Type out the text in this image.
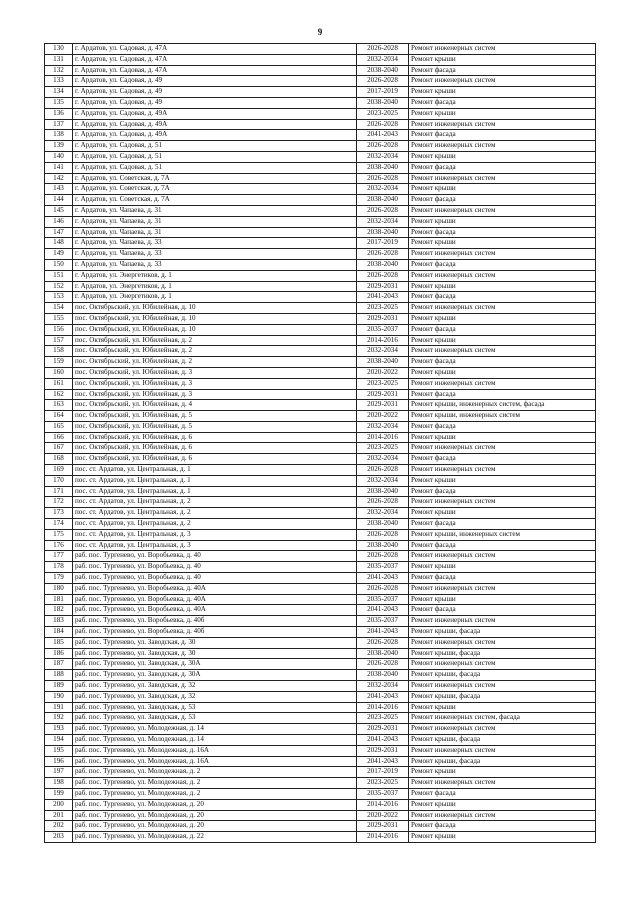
9
130	г. Ардатов, ул. Садовая, д. 47А	2026-2028	Ремонт инженерных систем
131	г. Ардатов, ул. Садовая, д. 47А	2032-2034	Ремонт крыши
132	г. Ардатов, ул. Садовая, д. 47А	2038-2040	Ремонт фасада
133	г. Ардатов, ул. Садовая, д. 49	2026-2028	Ремонт инженерных систем
134	г. Ардатов, ул. Садовая, д. 49	2017-2019	Ремонт крыши
135	г. Ардатов, ул. Садовая, д. 49	2038-2040	Ремонт фасада
136	г. Ардатов, ул. Садовая, д. 49А	2023-2025	Ремонт крыши
137	г. Ардатов, ул. Садовая, д. 49А	2026-2028	Ремонт инженерных систем
138	г. Ардатов, ул. Садовая, д. 49А	2041-2043	Ремонт фасада
139	г. Ардатов, ул. Садовая, д. 51	2026-2028	Ремонт инженерных систем
140	г. Ардатов, ул. Садовая, д. 51	2032-2034	Ремонт крыши
141	г. Ардатов, ул. Садовая, д. 51	2038-2040	Ремонт фасада
142	г. Ардатов, ул. Советская, д. 7А	2026-2028	Ремонт инженерных систем
143	г. Ардатов, ул. Советская, д. 7А	2032-2034	Ремонт крыши
144	г. Ардатов, ул. Советская, д. 7А	2038-2040	Ремонт фасада
145	г. Ардатов, ул. Чапаева, д. 31	2026-2028	Ремонт инженерных систем
146	г. Ардатов, ул. Чапаева, д. 31	2032-2034	Ремонт крыши
147	г. Ардатов, ул. Чапаева, д. 31	2038-2040	Ремонт фасада
148	г. Ардатов, ул. Чапаева, д. 33	2017-2019	Ремонт крыши
149	г. Ардатов, ул. Чапаева, д. 33	2026-2028	Ремонт инженерных систем
150	г. Ардатов, ул. Чапаева, д. 33	2038-2040	Ремонт фасада
151	г. Ардатов, ул. Энергетиков, д. 1	2026-2028	Ремонт инженерных систем
152	г. Ардатов, ул. Энергетиков, д. 1	2029-2031	Ремонт крыши
153	г. Ардатов, ул. Энергетиков, д. 1	2041-2043	Ремонт фасада
154	пос. Октябрьский, ул. Юбилейная, д. 10	2023-2025	Ремонт инженерных систем
155	пос. Октябрьский, ул. Юбилейная, д. 10	2029-2031	Ремонт крыши
156	пос. Октябрьский, ул. Юбилейная, д. 10	2035-2037	Ремонт фасада
157	пос. Октябрьский, ул. Юбилейная, д. 2	2014-2016	Ремонт крыши
158	пос. Октябрьский, ул. Юбилейная, д. 2	2032-2034	Ремонт инженерных систем
159	пос. Октябрьский, ул. Юбилейная, д. 2	2038-2040	Ремонт фасада
160	пос. Октябрьский, ул. Юбилейная, д. 3	2020-2022	Ремонт крыши
161	пос. Октябрьский, ул. Юбилейная, д. 3	2023-2025	Ремонт инженерных систем
162	пос. Октябрьский, ул. Юбилейная, д. 3	2029-2031	Ремонт фасада
163	пос. Октябрьский, ул. Юбилейная, д. 4	2029-2031	Ремонт крыши, инженерных систем, фасада
164	пос. Октябрьский, ул. Юбилейная, д. 5	2020-2022	Ремонт крыши, инженерных систем
165	пос. Октябрьский, ул. Юбилейная, д. 5	2032-2034	Ремонт фасада
166	пос. Октябрьский, ул. Юбилейная, д. 6	2014-2016	Ремонт крыши
167	пос. Октябрьский, ул. Юбилейная, д. 6	2023-2025	Ремонт инженерных систем
168	пос. Октябрьский, ул. Юбилейная, д. 6	2032-2034	Ремонт фасада
169	пос. ст. Ардатов, ул. Центральная, д. 1	2026-2028	Ремонт инженерных систем
170	пос. ст. Ардатов, ул. Центральная, д. 1	2032-2034	Ремонт крыши
171	пос. ст. Ардатов, ул. Центральная, д. 1	2038-2040	Ремонт фасада
172	пос. ст. Ардатов, ул. Центральная, д. 2	2026-2028	Ремонт инженерных систем
173	пос. ст. Ардатов, ул. Центральная, д. 2	2032-2034	Ремонт крыши
174	пос. ст. Ардатов, ул. Центральная, д. 2	2038-2040	Ремонт фасада
175	пос. ст. Ардатов, ул. Центральная, д. 3	2026-2028	Ремонт крыши, инженерных систем
176	пос. ст. Ардатов, ул. Центральная, д. 3	2038-2040	Ремонт фасада
177	раб. пос. Тургенево, ул. Воробьевка, д. 40	2026-2028	Ремонт инженерных систем
178	раб. пос. Тургенево, ул. Воробьевка, д. 40	2035-2037	Ремонт крыши
179	раб. пос. Тургенево, ул. Воробьевка, д. 40	2041-2043	Ремонт фасада
180	раб. пос. Тургенево, ул. Воробьевка, д. 40А	2026-2028	Ремонт инженерных систем
181	раб. пос. Тургенево, ул. Воробьевка, д. 40А	2035-2037	Ремонт крыши
182	раб. пос. Тургенево, ул. Воробьевка, д. 40А	2041-2043	Ремонт фасада
183	раб. пос. Тургенево, ул. Воробьевка, д. 40б	2035-2037	Ремонт инженерных систем
184	раб. пос. Тургенево, ул. Воробьевка, д. 40б	2041-2043	Ремонт крыши, фасада
185	раб. пос. Тургенево, ул. Заводская, д. 30	2026-2028	Ремонт инженерных систем
186	раб. пос. Тургенево, ул. Заводская, д. 30	2038-2040	Ремонт крыши, фасада
187	раб. пос. Тургенево, ул. Заводская, д. 30А	2026-2028	Ремонт инженерных систем
188	раб. пос. Тургенево, ул. Заводская, д. 30А	2038-2040	Ремонт крыши, фасада
189	раб. пос. Тургенево, ул. Заводская, д. 32	2032-2034	Ремонт инженерных систем
190	раб. пос. Тургенево, ул. Заводская, д. 32	2041-2043	Ремонт крыши, фасада
191	раб. пос. Тургенево, ул. Заводская, д. 53	2014-2016	Ремонт крыши
192	раб. пос. Тургенево, ул. Заводская, д. 53	2023-2025	Ремонт инженерных систем, фасада
193	раб. пос. Тургенево, ул. Молодежная, д. 14	2029-2031	Ремонт инженерных систем
194	раб. пос. Тургенево, ул. Молодежная, д. 14	2041-2043	Ремонт крыши, фасада
195	раб. пос. Тургенево, ул. Молодежная, д. 16А	2029-2031	Ремонт инженерных систем
196	раб. пос. Тургенево, ул. Молодежная, д. 16А	2041-2043	Ремонт крыши, фасада
197	раб. пос. Тургенево, ул. Молодежная, д. 2	2017-2019	Ремонт крыши
198	раб. пос. Тургенево, ул. Молодежная, д. 2	2023-2025	Ремонт инженерных систем
199	раб. пос. Тургенево, ул. Молодежная, д. 2	2035-2037	Ремонт фасада
200	раб. пос. Тургенево, ул. Молодежная, д. 20	2014-2016	Ремонт крыши
201	раб. пос. Тургенево, ул. Молодежная, д. 20	2020-2022	Ремонт инженерных систем
202	раб. пос. Тургенево, ул. Молодежная, д. 20	2029-2031	Ремонт фасада
203	раб. пос. Тургенево, ул. Молодежная, д. 22	2014-2016	Ремонт крыши
